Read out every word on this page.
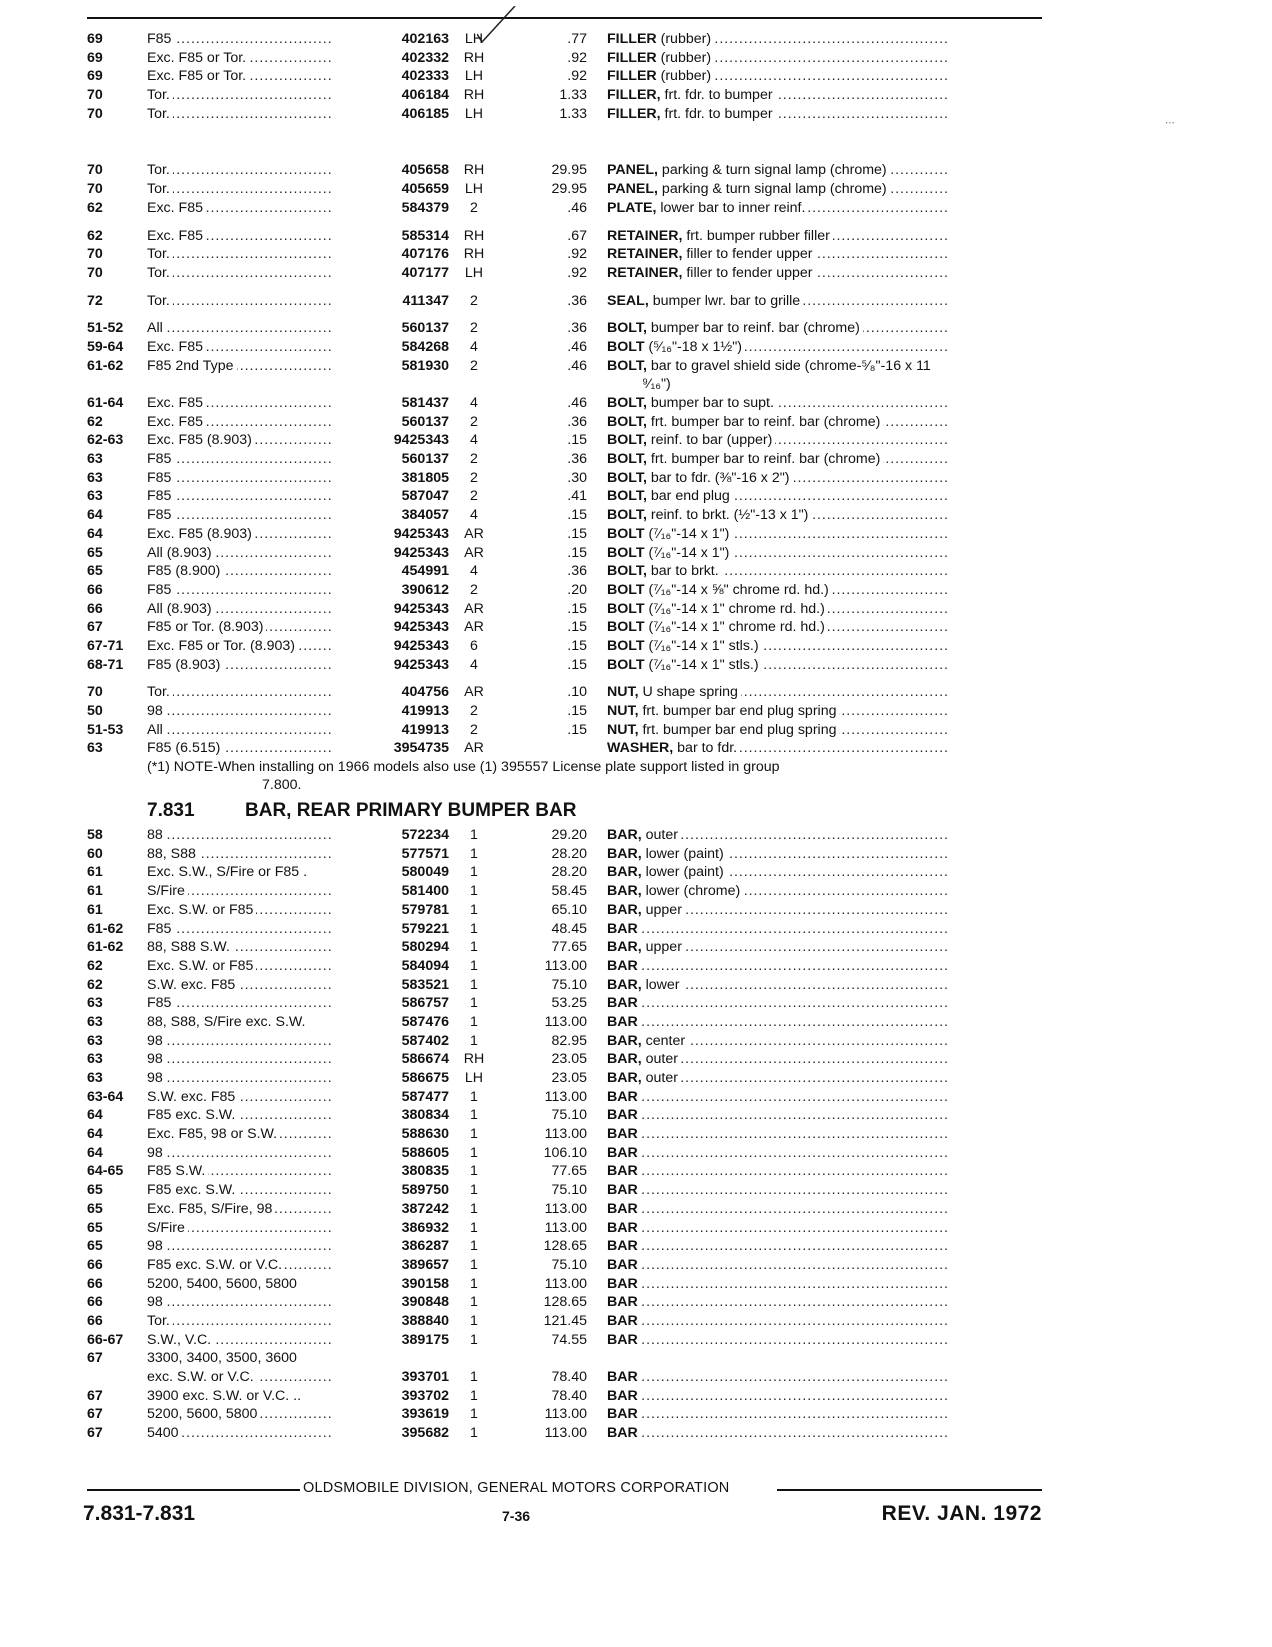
69	. . . F85	402163	LH	.77 . . . FILLER (rubber)
69	. . . Exc. F85 or Tor.	402332	RH	.92 . . . FILLER (rubber)
69	. . . Exc. F85 or Tor.	402333	LH	.92 . . . FILLER (rubber)
70	. . . Tor.	406184	RH	1.33 . . . FILLER, frt. fdr. to bumper
70	. . . Tor.	406185	LH	1.33 . . . FILLER, frt. fdr. to bumper
70	. . . Tor.	405658	RH	29.95 . . . PANEL, parking & turn signal lamp (chrome)
70	. . . Tor.	405659	LH	29.95 . . . PANEL, parking & turn signal lamp (chrome)
62	. . . Exc. F85	584379	2	.46 . . . PLATE, lower bar to inner reinf.
62	. . . Exc. F85	585314	RH	.67 . . . RETAINER, frt. bumper rubber filler
70	. . . Tor.	407176	RH	.92 . . . RETAINER, filler to fender upper
70	. . . Tor.	407177	LH	.92 . . . RETAINER, filler to fender upper
72	. . . Tor.	411347	2	.36 . . . SEAL, bumper lwr. bar to grille
51-52	. . . All	560137	2	.36 . . . BOLT, bumper bar to reinf. bar (chrome)
59-64	. . . Exc. F85	584268	4	.46 . . . BOLT (⁵⁄₁₆"-18 x 1½")
61-62	. . . F85 2nd Type	581930	2	.46 BOLT, bar to gravel shield side (chrome-⁵⁄₈"-16 x 11
⁹⁄₁₆")
61-64	. . . Exc. F85	581437	4	.46 . . . BOLT, bumper bar to supt.
62	. . . Exc. F85	560137	2	.36 . . . BOLT, frt. bumper bar to reinf. bar (chrome)
62-63	. . . Exc. F85 (8.903)	9425343	4	.15 . . . BOLT, reinf. to bar (upper)
63	. . . F85	560137	2	.36 . . . BOLT, frt. bumper bar to reinf. bar (chrome)
63	. . . F85	381805	2	.30 . . . BOLT, bar to fdr. (⅜"-16 x 2")
63	. . . F85	587047	2	.41 . . . BOLT, bar end plug
64	. . . F85	384057	4	.15 . . . BOLT, reinf. to brkt. (½"-13 x 1")
64	. . . Exc. F85 (8.903)	9425343	AR	.15 . . . BOLT (⁷⁄₁₆"-14 x 1")
65	. . . All (8.903)	9425343	AR	.15 . . . BOLT (⁷⁄₁₆"-14 x 1")
65	. . . F85 (8.900)	454991	4	.36 . . . BOLT, bar to brkt.
66	. . . F85	390612	2	.20 . . . BOLT (⁷⁄₁₆"-14 x ⅝" chrome rd. hd.)
66	. . . All (8.903)	9425343	AR	.15 . . . BOLT (⁷⁄₁₆"-14 x 1" chrome rd. hd.)
67	. . . F85 or Tor. (8.903)	9425343	AR	.15 . . . BOLT (⁷⁄₁₆"-14 x 1" chrome rd. hd.)
67-71	. . . Exc. F85 or Tor. (8.903)	9425343	6	.15 . . . BOLT (⁷⁄₁₆"-14 x 1" stls.)
68-71	. . . F85 (8.903)	9425343	4	.15 . . . BOLT (⁷⁄₁₆"-14 x 1" stls.)
70	. . . Tor.	404756	AR	.10 . . . NUT, U shape spring
50	. . . 98	419913	2	.15 . . . NUT, frt. bumper bar end plug spring
51-53	. . . All	419913	2	.15 . . . NUT, frt. bumper bar end plug spring
63	. . . F85 (6.515)	3954735	AR	. . . WASHER, bar to fdr.
(*1) NOTE-When installing on 1966 models also use (1) 395557 License plate support listed in group
7.800.
7.831	BAR, REAR PRIMARY BUMPER BAR
58	. . . 88	572234	1	29.20 . . . BAR, outer
60	. . . 88, S88	577571	1	28.20 . . . BAR, lower (paint)
61	Exc. S.W., S/Fire or F85 .	580049	1	28.20 . . . BAR, lower (paint)
61	. . . S/Fire	581400	1	58.45 . . . BAR, lower (chrome)
61	. . . Exc. S.W. or F85	579781	1	65.10 . . . BAR, upper
61-62	. . . F85	579221	1	48.45 . . . BAR
61-62	. . . 88, S88 S.W.	580294	1	77.65 . . . BAR, upper
62	. . . Exc. S.W. or F85	584094	1	113.00 . . . BAR
62	. . . S.W. exc. F85	583521	1	75.10 . . . BAR, lower
63	. . . F85	586757	1	53.25 . . . BAR
63	88, S88, S/Fire exc. S.W.	587476	1	113.00 . . . BAR
63	. . . 98	587402	1	82.95 . . . BAR, center
63	. . . 98	586674	RH	23.05 . . . BAR, outer
63	. . . 98	586675	LH	23.05 . . . BAR, outer
63-64	. . . S.W. exc. F85	587477	1	113.00 . . . BAR
64	. . . F85 exc. S.W.	380834	1	75.10 . . . BAR
64	. . . Exc. F85, 98 or S.W.	588630	1	113.00 . . . BAR
64	. . . 98	588605	1	106.10 . . . BAR
64-65	. . . F85 S.W.	380835	1	77.65 . . . BAR
65	. . . F85 exc. S.W.	589750	1	75.10 . . . BAR
65	. . . Exc. F85, S/Fire, 98	387242	1	113.00 . . . BAR
65	. . . S/Fire	386932	1	113.00 . . . BAR
65	. . . 98	386287	1	128.65 . . . BAR
66	. . . F85 exc. S.W. or V.C.	389657	1	75.10 . . . BAR
66	5200, 5400, 5600, 5800	390158	1	113.00 . . . BAR
66	. . . 98	390848	1	128.65 . . . BAR
66	. . . Tor.	388840	1	121.45 . . . BAR
66-67	. . . S.W., V.C.	389175	1	74.55 . . . BAR
67	3300, 3400, 3500, 3600
. . . exc. S.W. or V.C.	393701	1	78.40 . . . BAR
67	3900 exc. S.W. or V.C. ..	393702	1	78.40 . . . BAR
67	. . . 5200, 5600, 5800	393619	1	113.00 . . . BAR
67	. . . 5400	395682	1	113.00 . . . BAR
OLDSMOBILE DIVISION, GENERAL MOTORS CORPORATION
7.831-7.831	7-36	REV. JAN. 1972
∙∙∙
